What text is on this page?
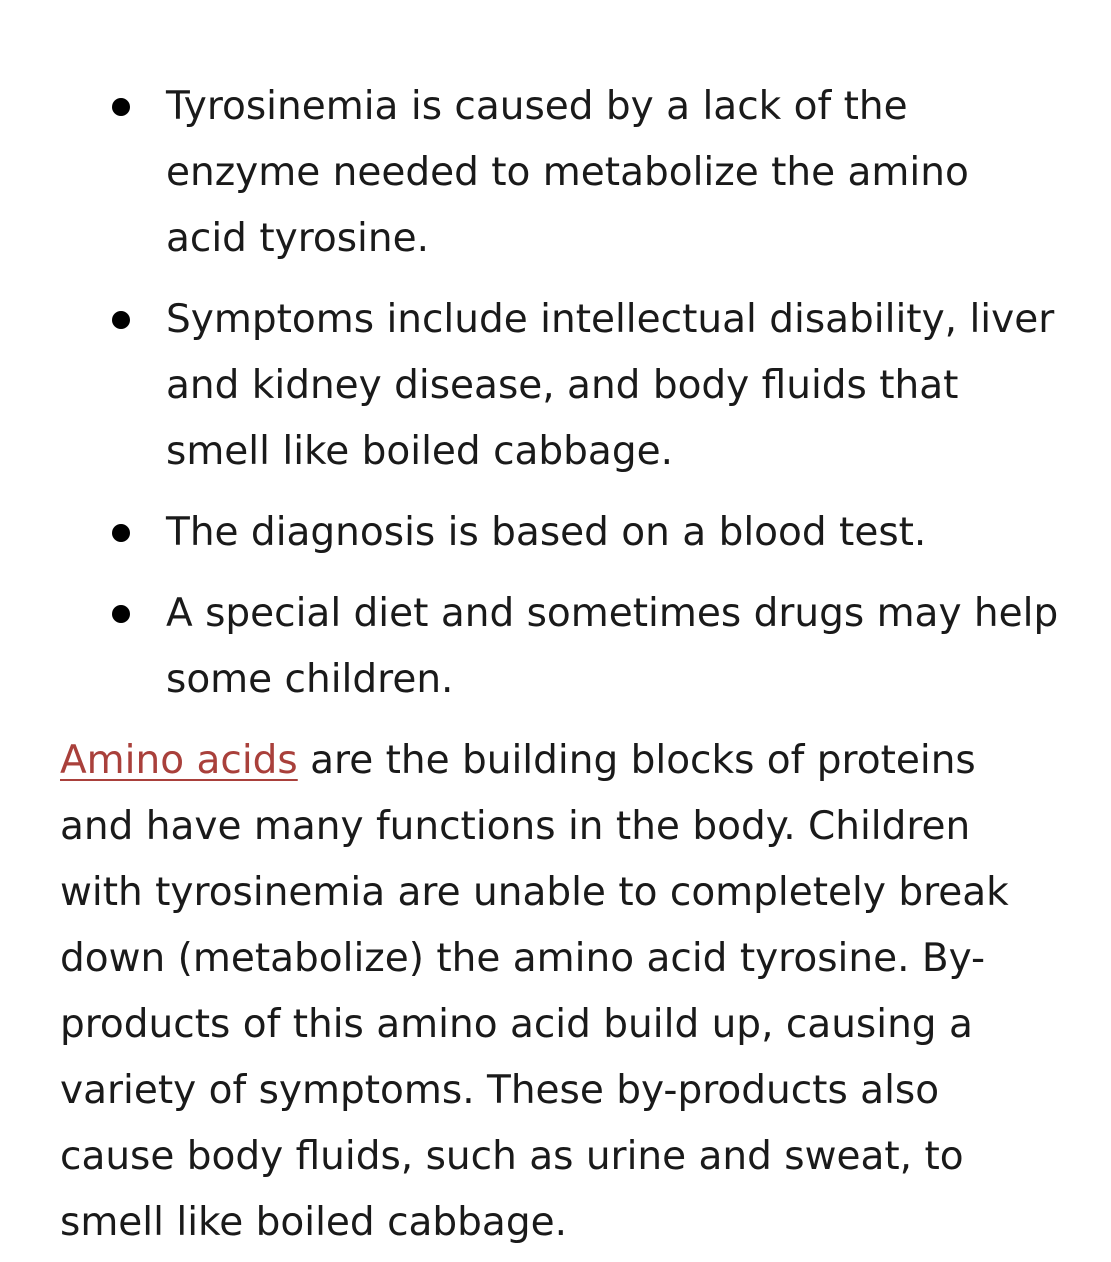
Tyrosinemia is caused by a lack of the enzyme needed to metabolize the amino acid tyrosine.
Symptoms include intellectual disability, liver and kidney disease, and body fluids that smell like boiled cabbage.
The diagnosis is based on a blood test.
A special diet and sometimes drugs may help some children.

Amino acids are the building blocks of proteins and have many functions in the body. Children with tyrosinemia are unable to completely break down (metabolize) the amino acid tyrosine. By-products of this amino acid build up, causing a variety of symptoms. These by-products also cause body fluids, such as urine and sweat, to smell like boiled cabbage.
